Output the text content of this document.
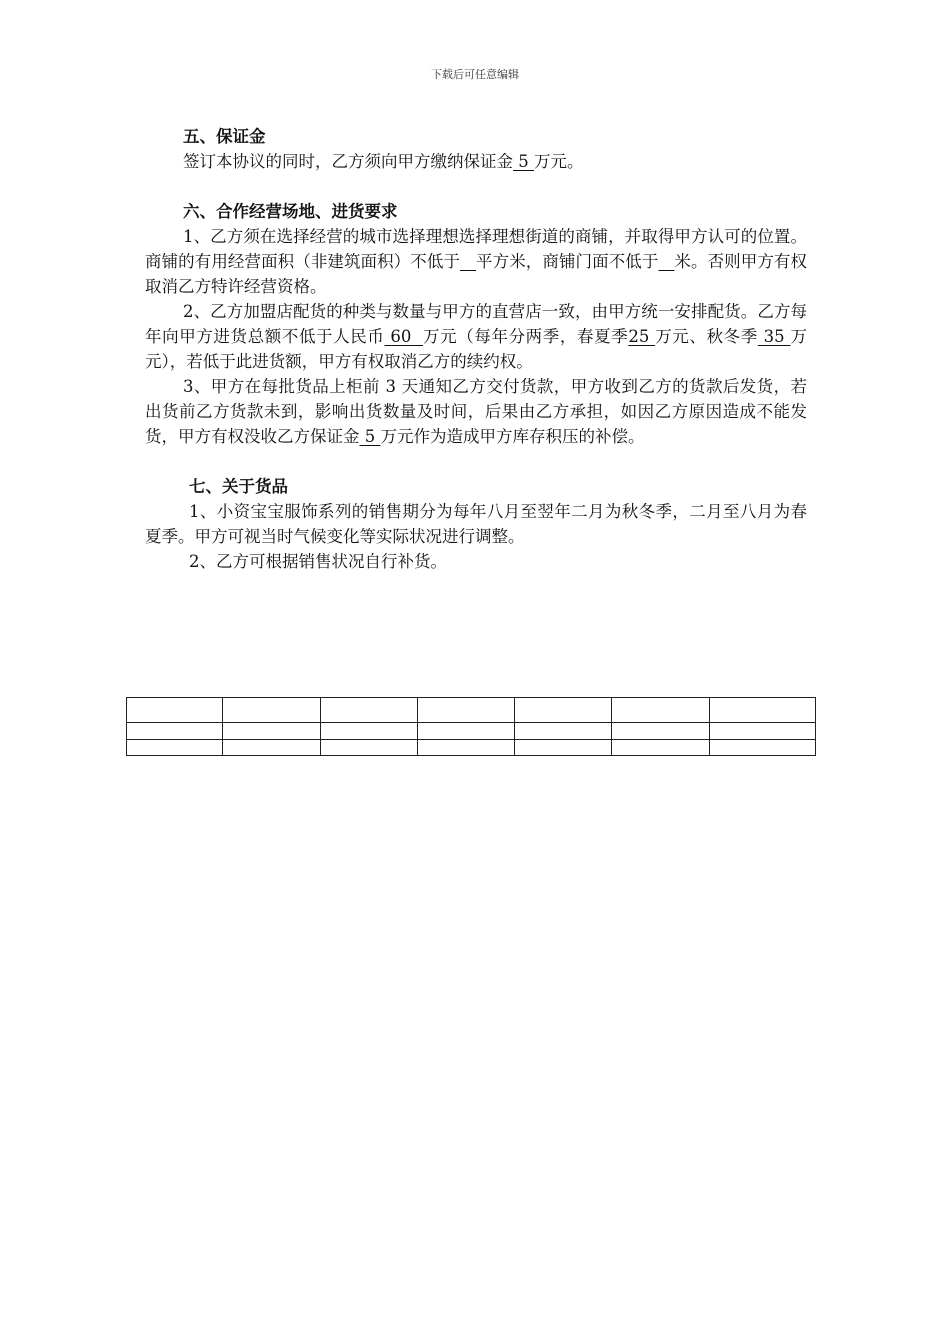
下载后可任意编辑
五、保证金
签订本协议的同时，乙方须向甲方缴纳保证金 5 万元。
六、合作经营场地、进货要求
1、乙方须在选择经营的城市选择理想选择理想街道的商铺，并取得甲方认可的位置。商铺的有用经营面积（非建筑面积）不低于 平方米，商铺门面不低于 米。否则甲方有权取消乙方特许经营资格。
2、乙方加盟店配货的种类与数量与甲方的直营店一致，由甲方统一安排配货。乙方每年向甲方进货总额不低于人民币 60  万元（每年分两季，春夏季25 万元、秋冬季 35 万元），若低于此进货额，甲方有权取消乙方的续约权。
3、甲方在每批货品上柜前 3 天通知乙方交付货款，甲方收到乙方的货款后发货，若出货前乙方货款未到，影响出货数量及时间，后果由乙方承担，如因乙方原因造成不能发货，甲方有权没收乙方保证金 5 万元作为造成甲方库存积压的补偿。
七、关于货品
1、小资宝宝服饰系列的销售期分为每年八月至翌年二月为秋冬季，二月至八月为春夏季。甲方可视当时气候变化等实际状况进行调整。
2、乙方可根据销售状况自行补货。
